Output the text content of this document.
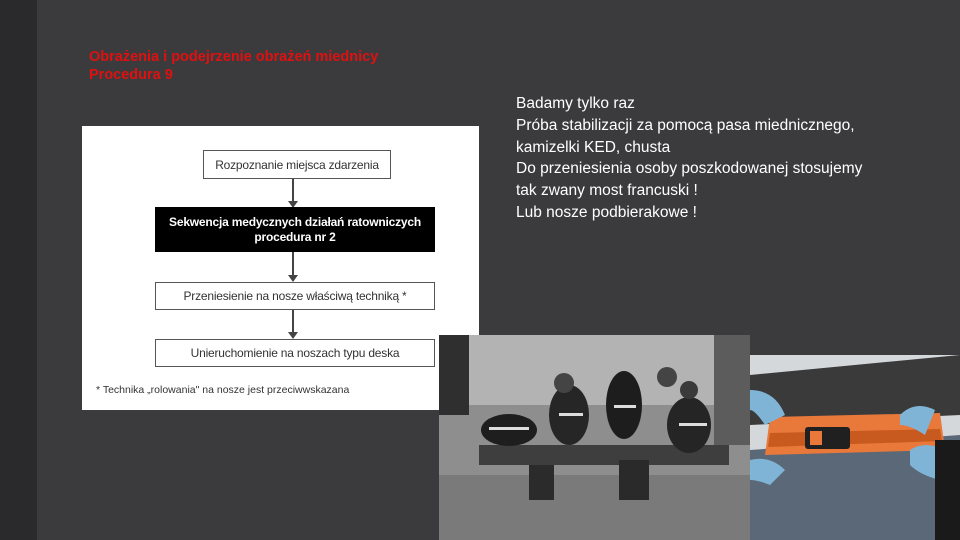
Obrażenia i podejrzenie obrażeń miednicy
Procedura 9
Badamy tylko raz
Próba stabilizacji za pomocą pasa miednicznego,
kamizelki KED, chusta
Do przeniesienia osoby poszkodowanej stosujemy
tak zwany most francuski !
Lub nosze podbierakowe !
Rozpoznanie miejsca zdarzenia
Sekwencja medycznych działań ratowniczych
procedura nr 2
Przeniesienie na nosze właściwą techniką *
Unieruchomienie na noszach typu deska
* Technika „rolowania" na nosze jest przeciwwskazana
